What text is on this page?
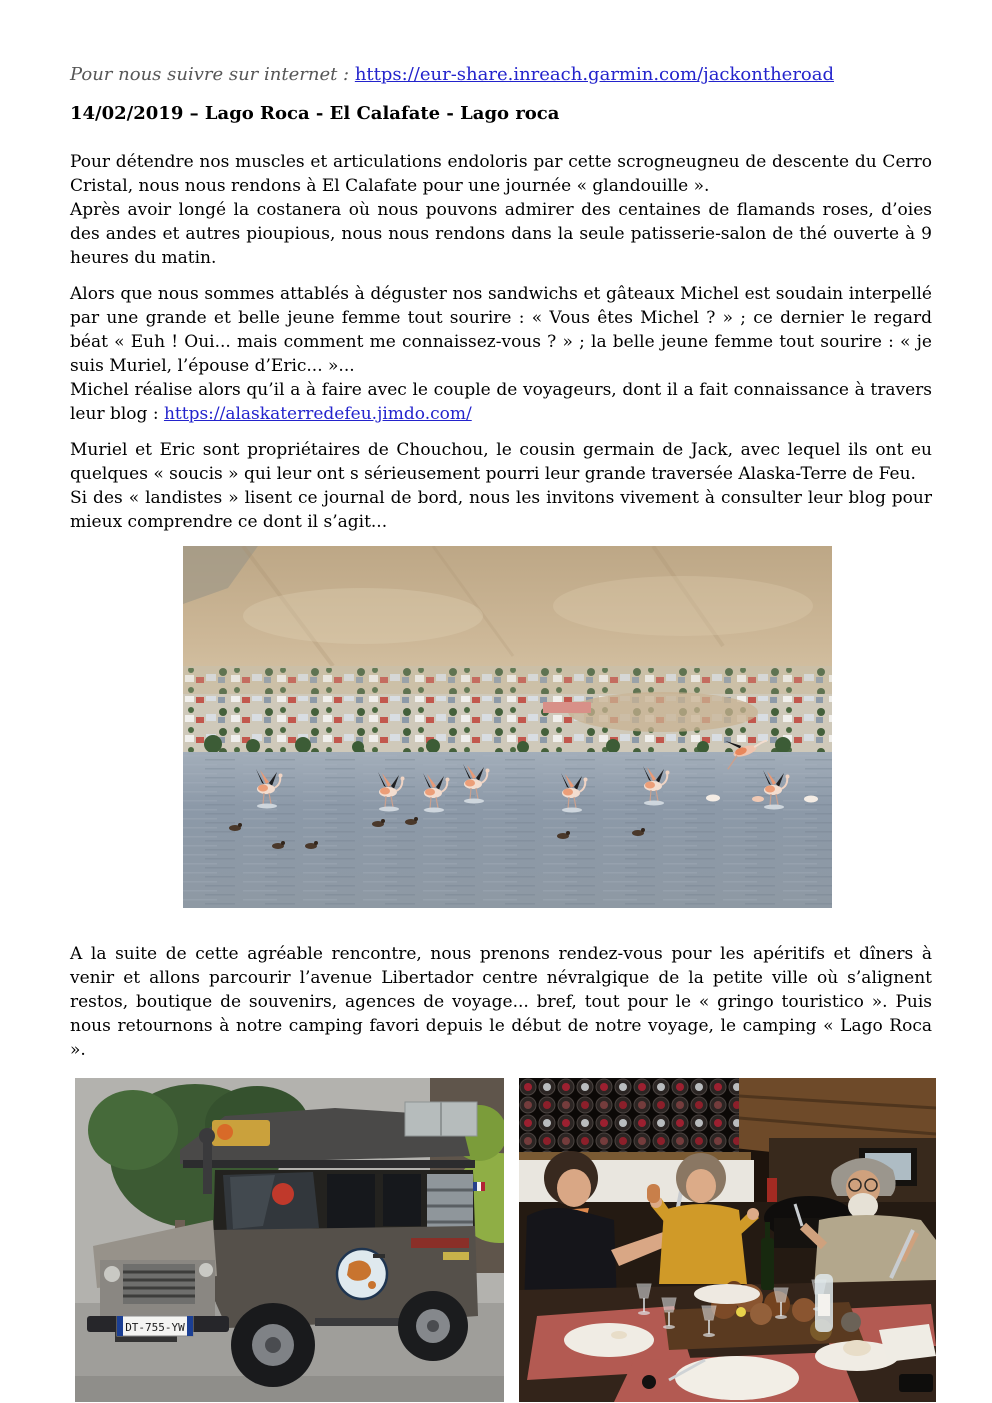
Pour nous suivre sur internet : https://eur-share.inreach.garmin.com/jackontheroad

14/02/2019 – Lago Roca - El Calafate - Lago roca

Pour détendre nos muscles et articulations endoloris par cette scrogneugneu de descente du Cerro Cristal, nous nous rendons à El Calafate pour une journée « glandouille ».
Après avoir longé la costanera où nous pouvons admirer des centaines de flamands roses, d’oies des andes et autres pioupious, nous nous rendons dans la seule patisserie-salon de thé ouverte à 9 heures du matin.

Alors que nous sommes attablés à déguster nos sandwichs et gâteaux Michel est soudain interpellé par une grande et belle jeune femme tout sourire : « Vous êtes Michel ? » ; ce dernier le regard béat « Euh ! Oui... mais comment me connaissez-vous ? » ; la belle jeune femme tout sourire : « je suis Muriel, l’épouse d’Eric... »...
Michel réalise alors qu’il a à faire avec le couple de voyageurs, dont il a fait connaissance à travers leur blog : https://alaskaterredefeu.jimdo.com/

Muriel et Eric sont propriétaires de Chouchou, le cousin germain de Jack, avec lequel ils ont eu quelques « soucis » qui leur ont s sérieusement pourri leur grande traversée Alaska-Terre de Feu.
Si des « landistes » lisent ce journal de bord, nous les invitons vivement à consulter leur blog pour mieux comprendre ce dont il s’agit...

A la suite de cette agréable rencontre, nous prenons rendez-vous pour les apéritifs et dîners à venir et allons parcourir l’avenue Libertador centre névralgique de la petite ville où s’alignent restos, boutique de souvenirs, agences de voyage... bref, tout pour le « gringo touristico ». Puis nous retournons à notre camping favori depuis le début de notre voyage, le camping « Lago Roca ».

DT-755-YW
